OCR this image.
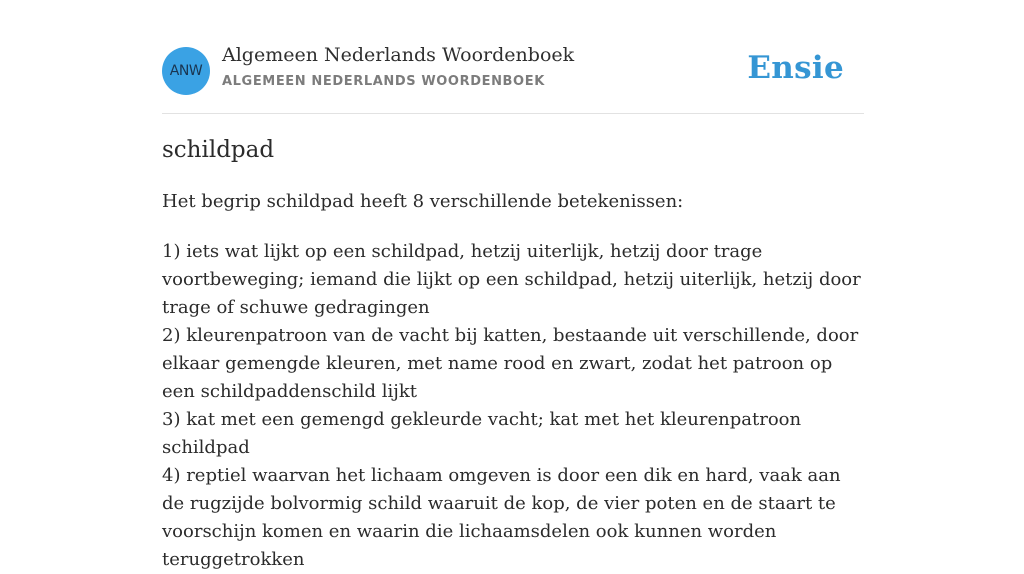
ANW
Algemeen Nederlands Woordenboek
ALGEMEEN NEDERLANDS WOORDENBOEK	Ensie
schildpad

Het begrip schildpad heeft 8 verschillende betekenissen:

1) iets wat lijkt op een schildpad, hetzij uiterlijk, hetzij door trage voortbeweging; iemand die lijkt op een schildpad, hetzij uiterlijk, hetzij door trage of schuwe gedragingen
2) kleurenpatroon van de vacht bij katten, bestaande uit verschillende, door elkaar gemengde kleuren, met name rood en zwart, zodat het patroon op een schildpaddenschild lijkt
3) kat met een gemengd gekleurde vacht; kat met het kleurenpatroon schildpad
4) reptiel waarvan het lichaam omgeven is door een dik en hard, vaak aan de rugzijde bolvormig schild waaruit de kop, de vier poten en de staart te voorschijn komen en waarin die lichaamsdelen ook kunnen worden teruggetrokken
